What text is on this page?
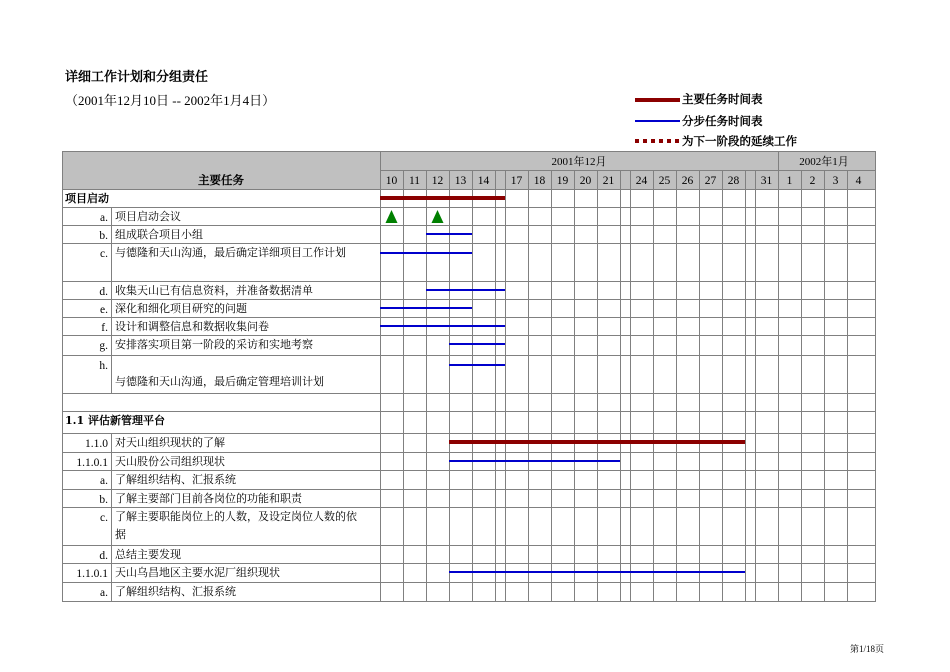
详细工作计划和分组责任
（2001年12月10日 -- 2002年1月4日）	主要任务时间表
分步任务时间表
为下一阶段的延续工作
主要任务
2001年12月	2002年1月
10 11 12 13 14 17 18 19 20 21 24 25 26 27 28 31 1 2 3 4
项目启动
a. 项目启动会议
b. 组成联合项目小组
c. 与德隆和天山沟通，最后确定详细项目工作计划
d. 收集天山已有信息资料，并准备数据清单
e. 深化和细化项目研究的问题
f. 设计和调整信息和数据收集问卷
g. 安排落实项目第一阶段的采访和实地考察
h.
与德隆和天山沟通，最后确定管理培训计划
1.1 评估新管理平台
1.1.0 对天山组织现状的了解
1.1.0.1 天山股份公司组织现状
a. 了解组织结构、汇报系统
b. 了解主要部门目前各岗位的功能和职责
c. 了解主要职能岗位上的人数，及设定岗位人数的依
据
d. 总结主要发现
1.1.0.1 天山乌昌地区主要水泥厂组织现状
a. 了解组织结构、汇报系统
第1/18页
